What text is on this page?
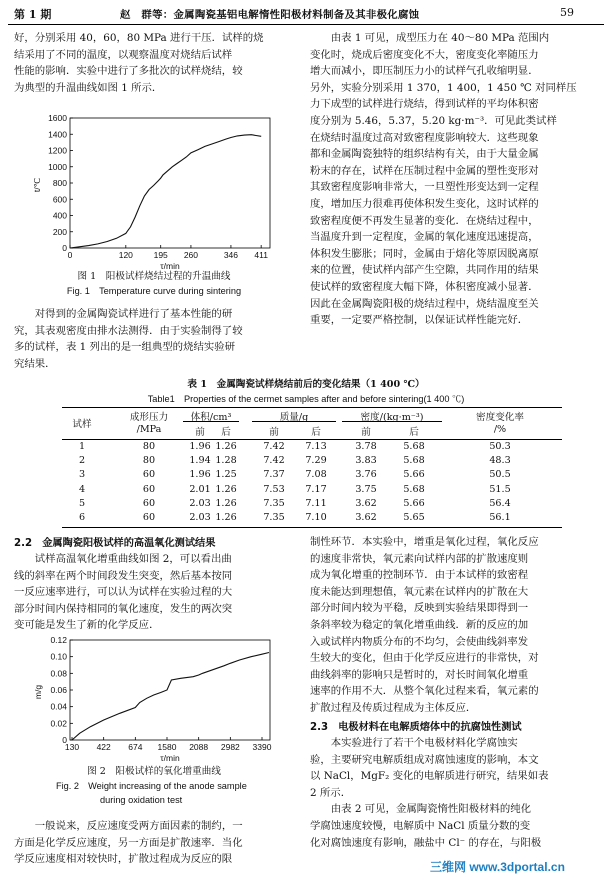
第 1 期	赵　群等：金属陶瓷基铝电解惰性阳极材料制备及其非极化腐蚀	59

好，分别采用 40，60，80 MPa 进行干压．试样的烧

结采用了不同的温度，以观察温度对烧结后试样

性能的影响．实验中进行了多批次的试样烧结，较

为典型的升温曲线如图 1 所示．

0
200
400
600
800
1000
1200
1400
1600
0	120 195 260	346 411
τ/min
t/℃
图 1　阳极试样烧结过程的升温曲线
Fig. 1　Temperature curve during sintering

对得到的金属陶瓷试样进行了基本性能的研

究，其表观密度由排水法测得．由于实验制得了较

多的试样，表 1 列出的是一组典型的烧结实验研

究结果．

由表 1 可见，成型压力在 40～80 MPa 范围内

变化时，烧成后密度变化不大，密度变化率随压力

增大而减小，即压制压力小的试样气孔收缩明显．

另外，实验分别采用 1 370，1 400，1 450 ℃ 对同样压

力下成型的试样进行烧结，得到试样的平均体积密

度分别为 5.46，5.37，5.20 kg·m⁻³．可见此类试样

在烧结时温度过高对致密程度影响较大．这些现象

都和金属陶瓷独特的组织结构有关，由于大量金属

粉末的存在，试样在压制过程中金属的塑性变形对

其致密程度影响非常大，一旦塑性形变达到一定程

度，增加压力很难再使体积发生变化，这时试样的

致密程度便不再发生显著的变化．在烧结过程中，

当温度升到一定程度，金属的氧化速度迅速提高，

体积发生膨胀；同时，金属由于熔化等原因脱离原

来的位置，使试样内部产生空隙，共同作用的结果

使试样的致密程度大幅下降，体积密度减小显著．

因此在金属陶瓷阳极的烧结过程中，烧结温度至关

重要，一定要严格控制，以保证试样性能完好．

表 1　金属陶瓷试样烧结前后的变化结果（1 400 ℃）
Table1　Properties of the cermet samples after and before sintering(1 400 ℃)
试样
成形压力
/MPa
体积/cm³	质量/g	密度/(kg·m⁻³)	密度变化率
/%
前	后	前	后	前	后
1	80	1.96 1.26	7.42	7.13	3.78	5.68	50.3
2	80	1.94 1.28	7.42	7.29	3.83	5.68	48.3
3	60	1.96 1.25	7.37	7.08	3.76	5.66	50.5
4	60	2.01 1.26	7.53	7.17	3.75	5.68	51.5
5	60	2.03 1.26	7.35	7.11	3.62	5.66	56.4
6	60	2.03 1.26	7.35	7.10	3.62	5.65	56.1
2.2　金属陶瓷阳极试样的高温氧化测试结果

试样高温氧化增重曲线如图 2，可以看出曲

线的斜率在两个时间段发生突变，然后基本按同

一反应速率进行，可以认为试样在实验过程的大

部分时间内保持相同的氧化速度，发生的两次突

变可能是发生了新的化学反应．

0
0.02
0.04
0.06
0.08
0.10
0.12
130 422 674 1580 2088 2982 3390
τ/min
m/g
图 2　阳极试样的氧化增重曲线
Fig. 2　Weight increasing of the anode sample
during oxidation test

一般说来，反应速度受两方面因素的制约，一

方面是化学反应速度，另一方面是扩散速率．当化

学反应速度相对较快时，扩散过程成为反应的限

制性环节．本实验中，增重是氧化过程，氧化反应

的速度非常快，氧元素向试样内部的扩散速度则

成为氧化增重的控制环节．由于本试样的致密程

度未能达到理想值，氧元素在试样内的扩散在大

部分时间内较为平稳，反映到实验结果即得到一

条斜率较为稳定的氧化增重曲线．新的反应的加

入或试样内物质分布的不均匀，会使曲线斜率发

生较大的变化，但由于化学反应进行的非常快，对

曲线斜率的影响只是暂时的，对长时间氧化增重

速率的作用不大．从整个氧化过程来看，氧元素的

扩散过程及传质过程成为主体反应．

2.3　电极材料在电解质熔体中的抗腐蚀性测试

本实验进行了若干个电极材料化学腐蚀实

验，主要研究电解质组成对腐蚀速度的影响，本文

以 NaCl，MgF₂ 变化的电解质进行研究，结果如表

2 所示．

由表 2 可见，金属陶瓷惰性阳极材料的纯化

学腐蚀速度较慢，电解质中 NaCl 质量分数的变

化对腐蚀速度有影响，融盐中 Cl⁻ 的存在，与阳极

三维网 www.3dportal.cn
